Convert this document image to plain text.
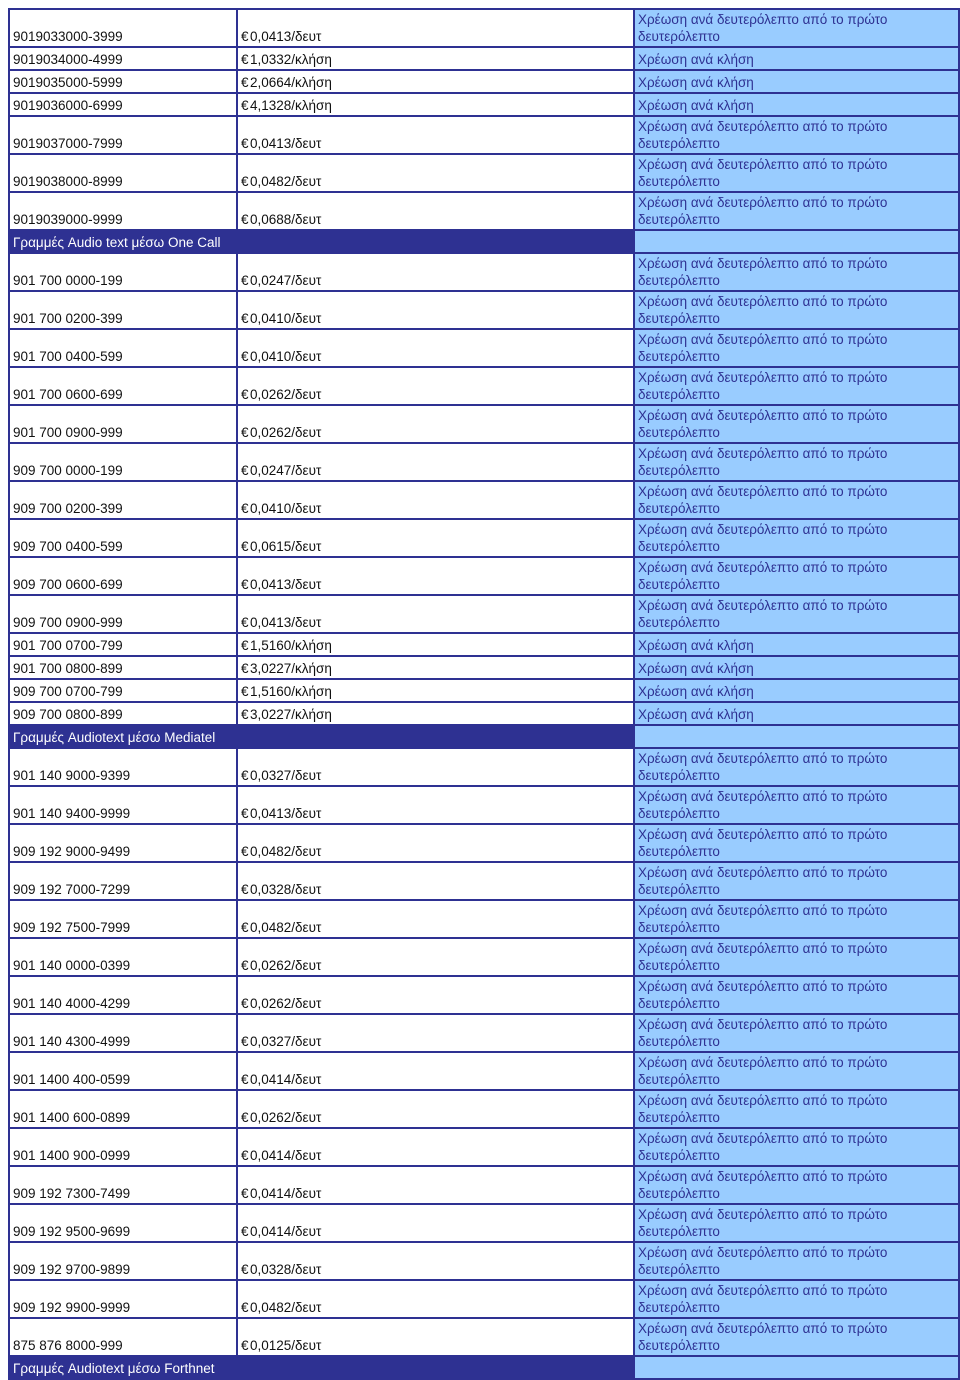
9019033000-3999	€0,0413/δευτ	Χρέωση ανά δευτερόλεπτο από το πρώτο δευτερόλεπτο
9019034000-4999	€1,0332/κλήση	Χρέωση ανά κλήση
9019035000-5999	€2,0664/κλήση	Χρέωση ανά κλήση
9019036000-6999	€4,1328/κλήση	Χρέωση ανά κλήση
9019037000-7999	€0,0413/δευτ	Χρέωση ανά δευτερόλεπτο από το πρώτο δευτερόλεπτο
9019038000-8999	€0,0482/δευτ	Χρέωση ανά δευτερόλεπτο από το πρώτο δευτερόλεπτο
9019039000-9999	€0,0688/δευτ	Χρέωση ανά δευτερόλεπτο από το πρώτο δευτερόλεπτο
Γραμμές Audio text μέσω One Call		
901 700 0000-199	€0,0247/δευτ	Χρέωση ανά δευτερόλεπτο από το πρώτο δευτερόλεπτο
901 700 0200-399	€0,0410/δευτ	Χρέωση ανά δευτερόλεπτο από το πρώτο δευτερόλεπτο
901 700 0400-599	€0,0410/δευτ	Χρέωση ανά δευτερόλεπτο από το πρώτο δευτερόλεπτο
901 700 0600-699	€0,0262/δευτ	Χρέωση ανά δευτερόλεπτο από το πρώτο δευτερόλεπτο
901 700 0900-999	€0,0262/δευτ	Χρέωση ανά δευτερόλεπτο από το πρώτο δευτερόλεπτο
909 700 0000-199	€0,0247/δευτ	Χρέωση ανά δευτερόλεπτο από το πρώτο δευτερόλεπτο
909 700 0200-399	€0,0410/δευτ	Χρέωση ανά δευτερόλεπτο από το πρώτο δευτερόλεπτο
909 700 0400-599	€0,0615/δευτ	Χρέωση ανά δευτερόλεπτο από το πρώτο δευτερόλεπτο
909 700 0600-699	€0,0413/δευτ	Χρέωση ανά δευτερόλεπτο από το πρώτο δευτερόλεπτο
909 700 0900-999	€0,0413/δευτ	Χρέωση ανά δευτερόλεπτο από το πρώτο δευτερόλεπτο
901 700 0700-799	€1,5160/κλήση	Χρέωση ανά κλήση
901 700 0800-899	€3,0227/κλήση	Χρέωση ανά κλήση
909 700 0700-799	€1,5160/κλήση	Χρέωση ανά κλήση
909 700 0800-899	€3,0227/κλήση	Χρέωση ανά κλήση
Γραμμές Audiotext μέσω Mediatel		
901 140 9000-9399	€0,0327/δευτ	Χρέωση ανά δευτερόλεπτο από το πρώτο δευτερόλεπτο
901 140 9400-9999	€0,0413/δευτ	Χρέωση ανά δευτερόλεπτο από το πρώτο δευτερόλεπτο
909 192 9000-9499	€0,0482/δευτ	Χρέωση ανά δευτερόλεπτο από το πρώτο δευτερόλεπτο
909 192 7000-7299	€0,0328/δευτ	Χρέωση ανά δευτερόλεπτο από το πρώτο δευτερόλεπτο
909 192 7500-7999	€0,0482/δευτ	Χρέωση ανά δευτερόλεπτο από το πρώτο δευτερόλεπτο
901 140 0000-0399	€0,0262/δευτ	Χρέωση ανά δευτερόλεπτο από το πρώτο δευτερόλεπτο
901 140 4000-4299	€0,0262/δευτ	Χρέωση ανά δευτερόλεπτο από το πρώτο δευτερόλεπτο
901 140 4300-4999	€0,0327/δευτ	Χρέωση ανά δευτερόλεπτο από το πρώτο δευτερόλεπτο
901 1400 400-0599	€0,0414/δευτ	Χρέωση ανά δευτερόλεπτο από το πρώτο δευτερόλεπτο
901 1400 600-0899	€0,0262/δευτ	Χρέωση ανά δευτερόλεπτο από το πρώτο δευτερόλεπτο
901 1400 900-0999	€0,0414/δευτ	Χρέωση ανά δευτερόλεπτο από το πρώτο δευτερόλεπτο
909 192 7300-7499	€0,0414/δευτ	Χρέωση ανά δευτερόλεπτο από το πρώτο δευτερόλεπτο
909 192 9500-9699	€0,0414/δευτ	Χρέωση ανά δευτερόλεπτο από το πρώτο δευτερόλεπτο
909 192 9700-9899	€0,0328/δευτ	Χρέωση ανά δευτερόλεπτο από το πρώτο δευτερόλεπτο
909 192 9900-9999	€0,0482/δευτ	Χρέωση ανά δευτερόλεπτο από το πρώτο δευτερόλεπτο
875 876 8000-999	€0,0125/δευτ	Χρέωση ανά δευτερόλεπτο από το πρώτο δευτερόλεπτο
Γραμμές Audiotext μέσω Forthnet		
